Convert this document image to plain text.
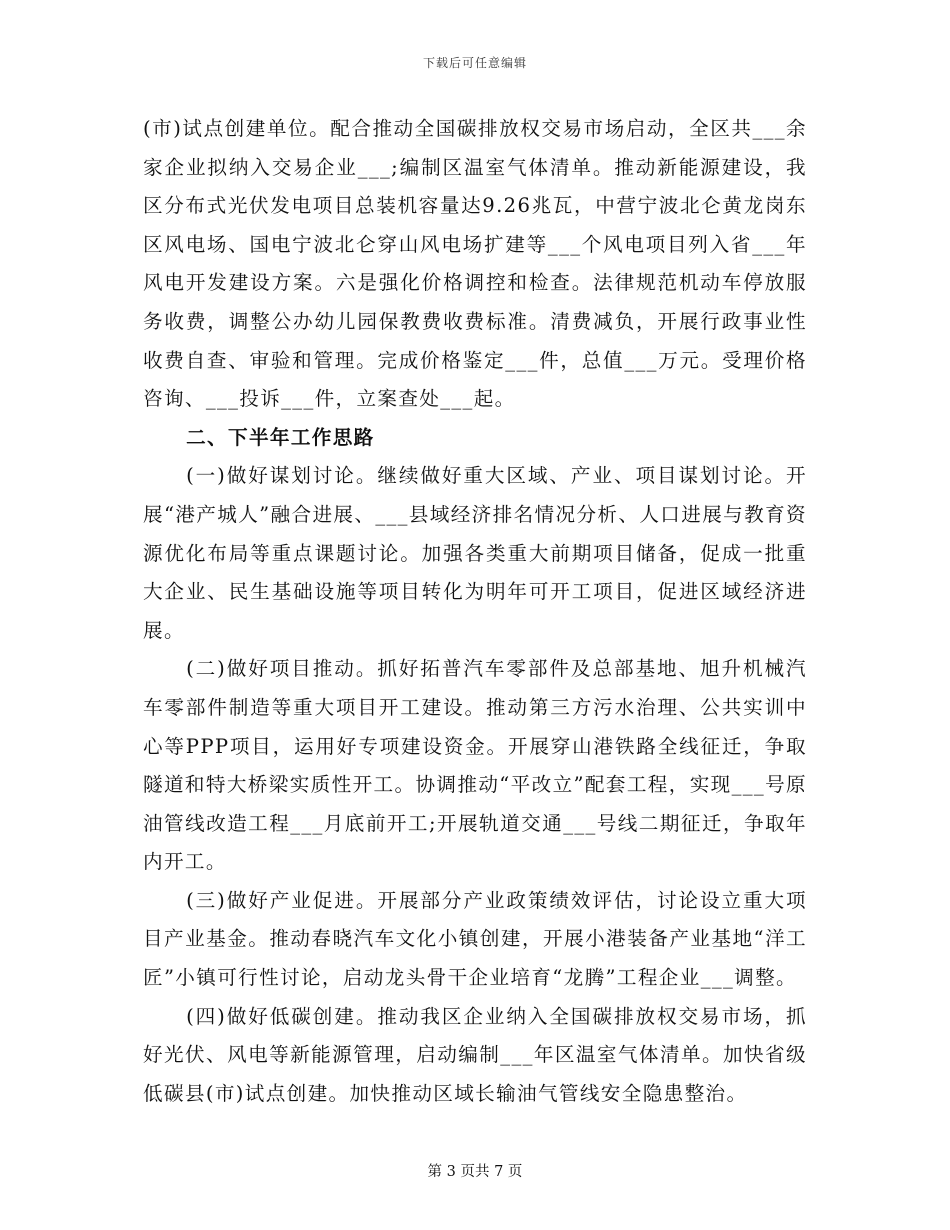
下载后可任意编辑

(市)试点创建单位。配合推动全国碳排放权交易市场启动，全区共___余家企业拟纳入交易企业___;编制区温室气体清单。推动新能源建设，我区分布式光伏发电项目总装机容量达9.26兆瓦，中营宁波北仑黄龙岗东区风电场、国电宁波北仑穿山风电场扩建等___个风电项目列入省___年风电开发建设方案。六是强化价格调控和检查。法律规范机动车停放服务收费，调整公办幼儿园保教费收费标准。清费减负，开展行政事业性收费自查、审验和管理。完成价格鉴定___件，总值___万元。受理价格咨询、___投诉___件，立案查处___起。

二、下半年工作思路

(一)做好谋划讨论。继续做好重大区域、产业、项目谋划讨论。开展“港产城人”融合进展、___县域经济排名情况分析、人口进展与教育资源优化布局等重点课题讨论。加强各类重大前期项目储备，促成一批重大企业、民生基础设施等项目转化为明年可开工项目，促进区域经济进展。

(二)做好项目推动。抓好拓普汽车零部件及总部基地、旭升机械汽车零部件制造等重大项目开工建设。推动第三方污水治理、公共实训中心等PPP项目，运用好专项建设资金。开展穿山港铁路全线征迁，争取隧道和特大桥梁实质性开工。协调推动“平改立”配套工程，实现___号原油管线改造工程___月底前开工;开展轨道交通___号线二期征迁，争取年内开工。

(三)做好产业促进。开展部分产业政策绩效评估，讨论设立重大项目产业基金。推动春晓汽车文化小镇创建，开展小港装备产业基地“洋工匠”小镇可行性讨论，启动龙头骨干企业培育“龙腾”工程企业___调整。

(四)做好低碳创建。推动我区企业纳入全国碳排放权交易市场，抓好光伏、风电等新能源管理，启动编制___年区温室气体清单。加快省级低碳县(市)试点创建。加快推动区域长输油气管线安全隐患整治。

第 3 页共 7 页
